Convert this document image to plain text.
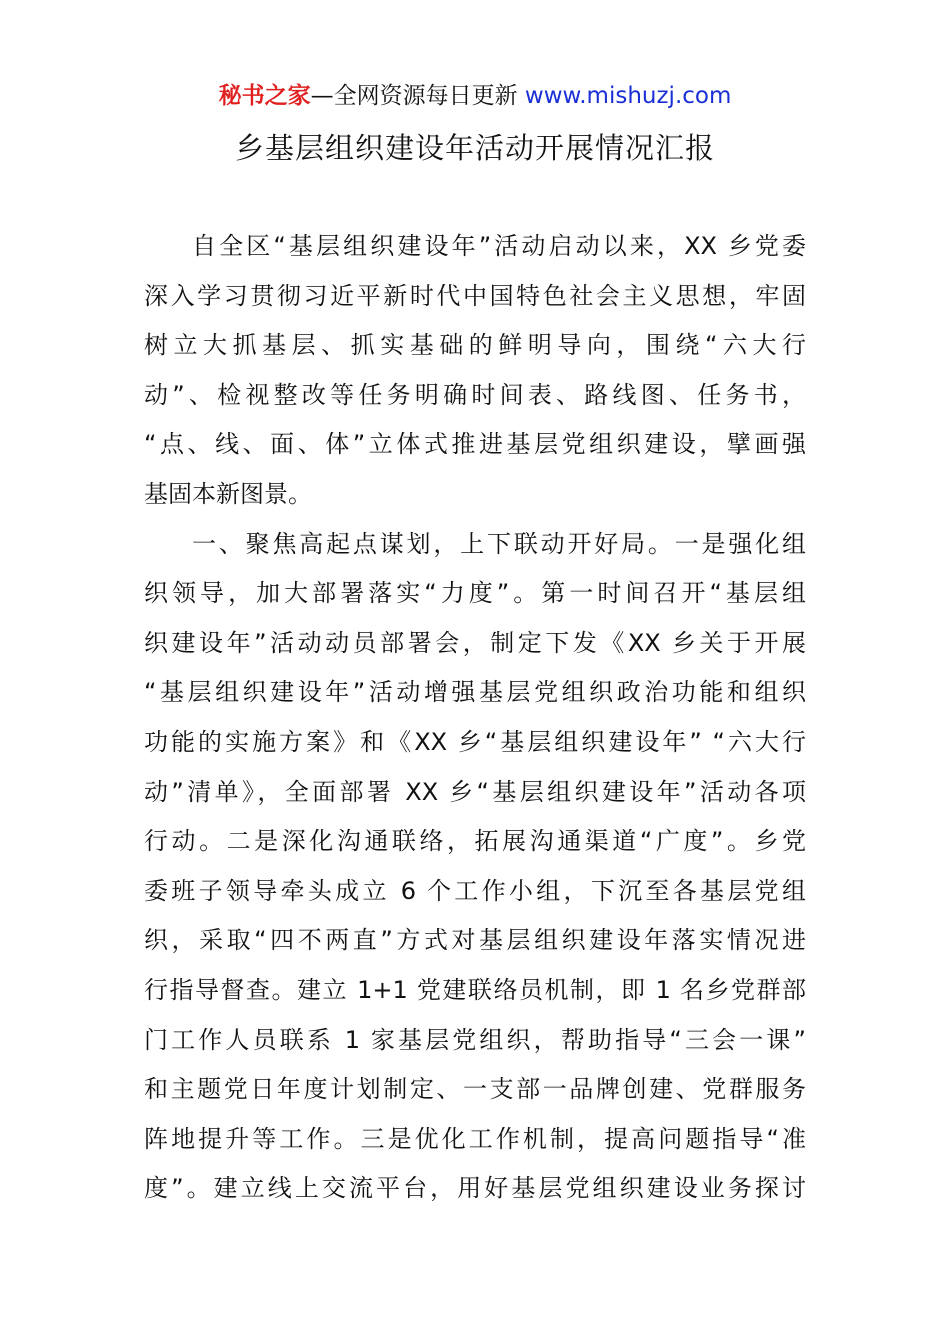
秘书之家—全网资源每日更新 www.mishuzj.com
乡基层组织建设年活动开展情况汇报
自全区“基层组织建设年”活动启动以来，XX 乡党委
深入学习贯彻习近平新时代中国特色社会主义思想，牢固
树立大抓基层、抓实基础的鲜明导向，围绕“六大行
动”、检视整改等任务明确时间表、路线图、任务书，
“点、线、面、体”立体式推进基层党组织建设，擘画强
基固本新图景。
一、聚焦高起点谋划，上下联动开好局。一是强化组
织领导，加大部署落实“力度”。第一时间召开“基层组
织建设年”活动动员部署会，制定下发《XX 乡关于开展
“基层组织建设年”活动增强基层党组织政治功能和组织
功能的实施方案》和《XX 乡“基层组织建设年” “六大行
动”清单》，全面部署 XX 乡“基层组织建设年”活动各项
行动。二是深化沟通联络，拓展沟通渠道“广度”。乡党
委班子领导牵头成立 6 个工作小组，下沉至各基层党组
织，采取“四不两直”方式对基层组织建设年落实情况进
行指导督查。建立 1+1 党建联络员机制，即 1 名乡党群部
门工作人员联系 1 家基层党组织，帮助指导“三会一课”
和主题党日年度计划制定、一支部一品牌创建、党群服务
阵地提升等工作。三是优化工作机制，提高问题指导“准
度”。建立线上交流平台，用好基层党组织建设业务探讨
